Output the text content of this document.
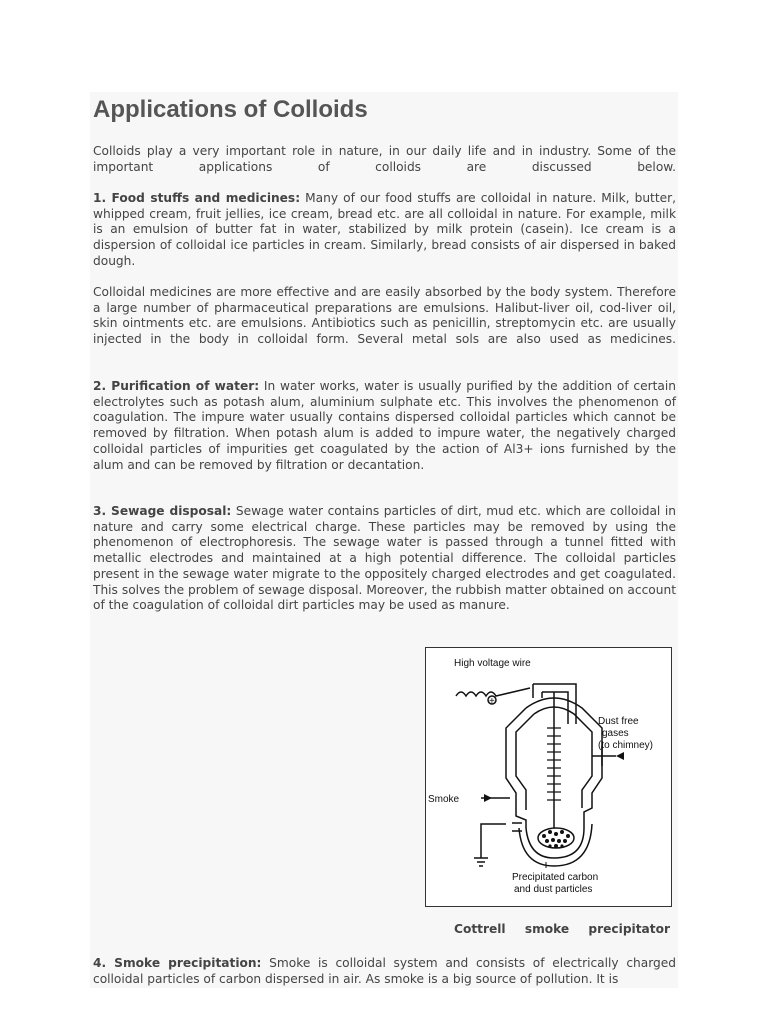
Applications of Colloids

Colloids play a very important role in nature, in our daily life and in industry. Some of the important applications of colloids are discussed below.

1. Food stuffs and medicines: Many of our food stuffs are colloidal in nature. Milk, butter, whipped cream, fruit jellies, ice cream, bread etc. are all colloidal in nature. For example, milk is an emulsion of butter fat in water, stabilized by milk protein (casein). Ice cream is a dispersion of colloidal ice particles in cream. Similarly, bread consists of air dispersed in baked dough.

Colloidal medicines are more effective and are easily absorbed by the body system. Therefore a large number of pharmaceutical preparations are emulsions. Halibut-liver oil, cod-liver oil, skin ointments etc. are emulsions. Antibiotics such as penicillin, streptomycin etc. are usually injected in the body in colloidal form. Several metal sols are also used as medicines.

2. Purification of water: In water works, water is usually purified by the addition of certain electrolytes such as potash alum, aluminium sulphate etc. This involves the phenomenon of coagulation. The impure water usually contains dispersed colloidal particles which cannot be removed by filtration. When potash alum is added to impure water, the negatively charged colloidal particles of impurities get coagulated by the action of Al3+ ions furnished by the alum and can be removed by filtration or decantation.

3. Sewage disposal: Sewage water contains particles of dirt, mud etc. which are colloidal in nature and carry some electrical charge. These particles may be removed by using the phenomenon of electrophoresis. The sewage water is passed through a tunnel fitted with metallic electrodes and maintained at a high potential difference. The colloidal particles present in the sewage water migrate to the oppositely charged electrodes and get coagulated. This solves the problem of sewage disposal. Moreover, the rubbish matter obtained on account of the coagulation of colloidal dirt particles may be used as manure.

High voltage wire
+
Dust free
gases
(to chimney)
Smoke
Precipitated carbon
and dust particles

Cottrell smoke precipitator

4. Smoke precipitation: Smoke is colloidal system and consists of electrically charged colloidal particles of carbon dispersed in air. As smoke is a big source of pollution. It is
